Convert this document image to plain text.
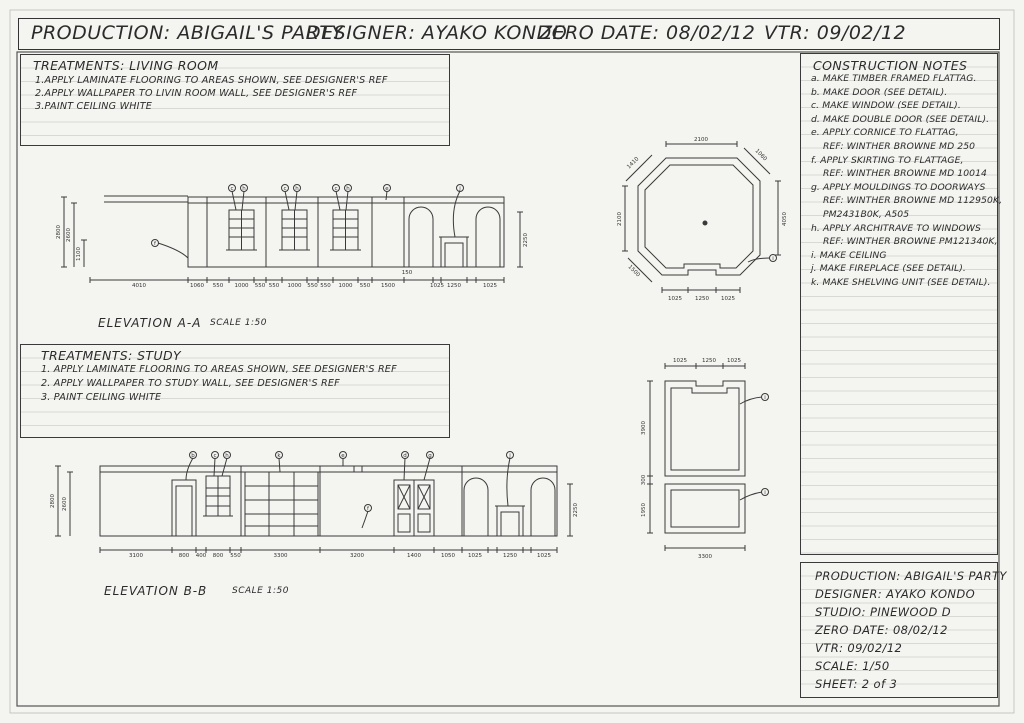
PRODUCTION: ABIGAIL'S PARTY
DESIGNER: AYAKO KONDO
ZERO DATE: 08/02/12 VTR: 09/02/12
TREATMENTS: LIVING ROOM
1.APPLY LAMINATE FLOORING TO AREAS SHOWN, SEE DESIGNER'S REF
2.APPLY WALLPAPER TO LIVIN ROOM WALL, SEE DESIGNER'S REF
3.PAINT CEILING WHITE
TREATMENTS: STUDY
1. APPLY LAMINATE FLOORING TO AREAS SHOWN, SEE DESIGNER'S REF
2. APPLY WALLPAPER TO STUDY WALL, SEE DESIGNER'S REF
3. PAINT CEILING WHITE
CONSTRUCTION NOTES
a. MAKE TIMBER FRAMED FLATTAG.
b. MAKE DOOR (SEE DETAIL).
c. MAKE WINDOW (SEE DETAIL).
d. MAKE DOUBLE DOOR (SEE DETAIL).
e. APPLY CORNICE TO FLATTAG,
REF: WINTHER BROWNE MD 250
f. APPLY SKIRTING TO FLATTAGE,
REF: WINTHER BROWNE MD 10014
g. APPLY MOULDINGS TO DOORWAYS
REF: WINTHER BROWNE MD 112950K,
PM2431B0K, A505
h. APPLY ARCHITRAVE TO WINDOWS
REF: WINTHER BROWNE PM121340K,
i. MAKE CEILING
j. MAKE FIREPLACE (SEE DETAIL).
k. MAKE SHELVING UNIT (SEE DETAIL).
PRODUCTION: ABIGAIL'S PARTY
DESIGNER: AYAKO KONDO
STUDIO: PINEWOOD D
ZERO DATE: 08/02/12
VTR: 09/02/12
SCALE: 1/50
SHEET: 2 of 3
ELEVATION A-A SCALE 1:50
ELEVATION B-B	SCALE 1:50
4010	1060 550 1000 550 550 1000 550 550 1000 550 1500	1025 1250	1025
150
2800 2600
1100
2250
3100	800 400 800 550	3300	3200	1400	1050 1025	1250	1025
2800 2600	2250
2100
1060
1410
2100	4050
1500
1025 1250 1025
1025	1250 1025
3900
300
1950
3300
c h	c h	c h	e	j
f
b	c h	k	e	d	g	j
f
i
i
i
